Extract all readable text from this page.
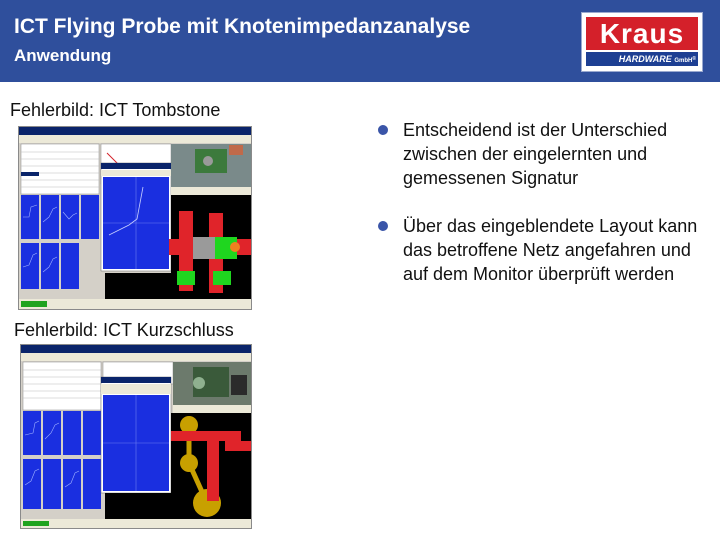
ICT Flying Probe mit Knotenimpedanzanalyse
Anwendung
Kraus
HARDWARE GmbH®
Fehlerbild: ICT Tombstone
Fehlerbild: ICT Kurzschluss
Entscheidend ist der Unterschied zwischen der eingelernten und gemessenen Signatur
Über das eingeblendete Layout kann das betroffene Netz angefahren und auf dem Monitor überprüft werden
